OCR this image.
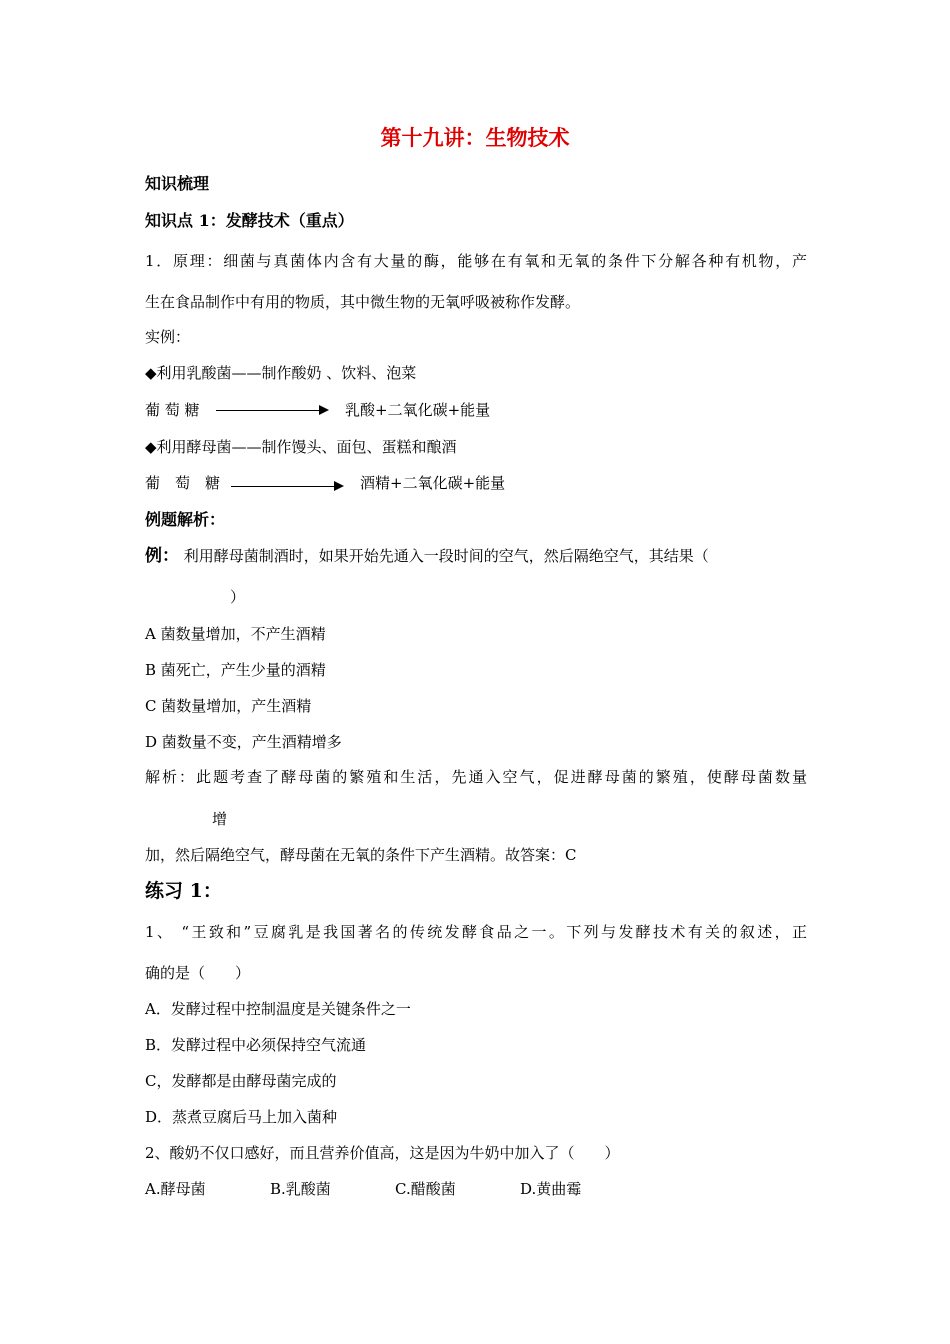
第十九讲：生物技术
知识梳理
知识点 1：发酵技术（重点）
1．原理：细菌与真菌体内含有大量的酶，能够在有氧和无氧的条件下分解各种有机物，产
生在食品制作中有用的物质，其中微生物的无氧呼吸被称作发酵。
实例：
◆利用乳酸菌——制作酸奶 、饮料、泡菜
葡 萄 糖	乳酸+二氧化碳+能量
◆利用酵母菌——制作馒头、面包、蛋糕和酿酒
葡　萄　糖	酒精+二氧化碳+能量
例题解析：
例： 利用酵母菌制酒时，如果开始先通入一段时间的空气，然后隔绝空气，其结果（
）
A 菌数量增加，不产生酒精
B 菌死亡，产生少量的酒精
C 菌数量增加，产生酒精
D 菌数量不变，产生酒精增多
解析：此题考查了酵母菌的繁殖和生活，先通入空气，促进酵母菌的繁殖，使酵母菌数量
增
加，然后隔绝空气，酵母菌在无氧的条件下产生酒精。故答案：C
练习 1：
1、 “王致和”豆腐乳是我国著名的传统发酵食品之一。下列与发酵技术有关的叙述，正
确的是（　　）
A．发酵过程中控制温度是关键条件之一
B．发酵过程中必须保持空气流通
C，发酵都是由酵母菌完成的
D．蒸煮豆腐后马上加入菌种
2、酸奶不仅口感好，而且营养价值高，这是因为牛奶中加入了（　　）
A.酵母菌	B.乳酸菌	C.醋酸菌	D.黄曲霉
